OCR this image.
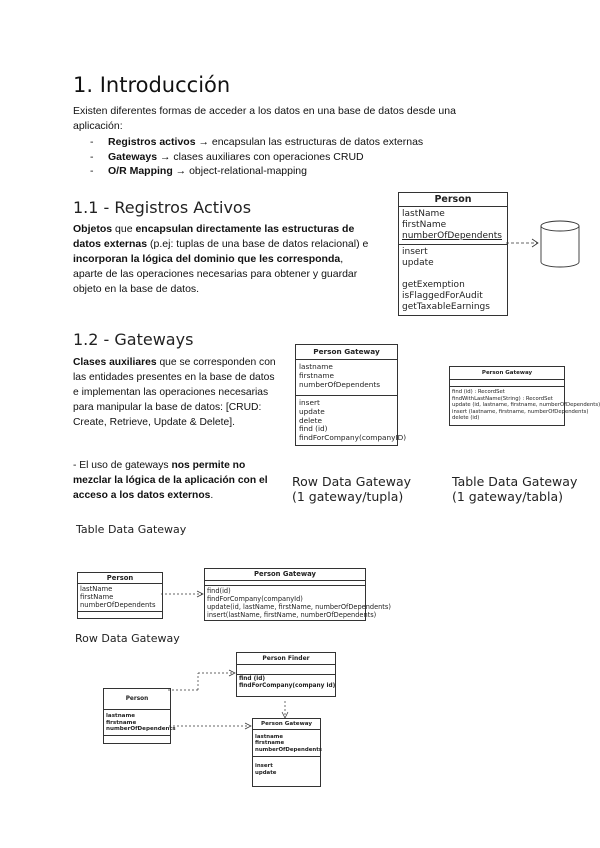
1. Introducción
Existen diferentes formas de acceder a los datos en una base de datos desde una aplicación:
- Registros activos → encapsulan las estructuras de datos externas
- Gateways → clases auxiliares con operaciones CRUD
- O/R Mapping → object-relational-mapping
1.1 - Registros Activos
Objetos que encapsulan directamente las estructuras de datos externas (p.ej: tuplas de una base de datos relacional) e incorporan la lógica del dominio que les corresponda, aparte de las operaciones necesarias para obtener y guardar objeto en la base de datos.
Person
lastName
firstName
numberOfDependents
insert
update
getExemption
isFlaggedForAudit
getTaxableEarnings
1.2 - Gateways
Clases auxiliares que se corresponden con las entidades presentes en la base de datos e implementan las operaciones necesarias para manipular la base de datos: [CRUD: Create, Retrieve, Update & Delete].
- El uso de gateways nos permite no mezclar la lógica de la aplicación con el acceso a los datos externos.
Person Gateway
lastname
firstname
numberOfDependents
insert
update
delete
find (id)
findForCompany(companyID)
Row Data Gateway
(1 gateway/tupla)
Person Gateway
find (id) : RecordSet
findWithLastName(String) : RecordSet
update (id, lastname, firstname, numberOfDependents)
insert (lastname, firstname, numberOfDependents)
delete (id)
Table Data Gateway
(1 gateway/tabla)
Table Data Gateway
Person
lastName
firstName
numberOfDependents
Person Gateway
find(id)
findForCompany(companyId)
update(id, lastName, firstName, numberOfDependents)
insert(lastName, firstName, numberOfDependents)
Row Data Gateway
Person Finder
find (id)
findForCompany(company id)
Person
lastname
firstname
numberOfDependents
Person Gateway
lastname
firstname
numberOfDependents
insert
update
